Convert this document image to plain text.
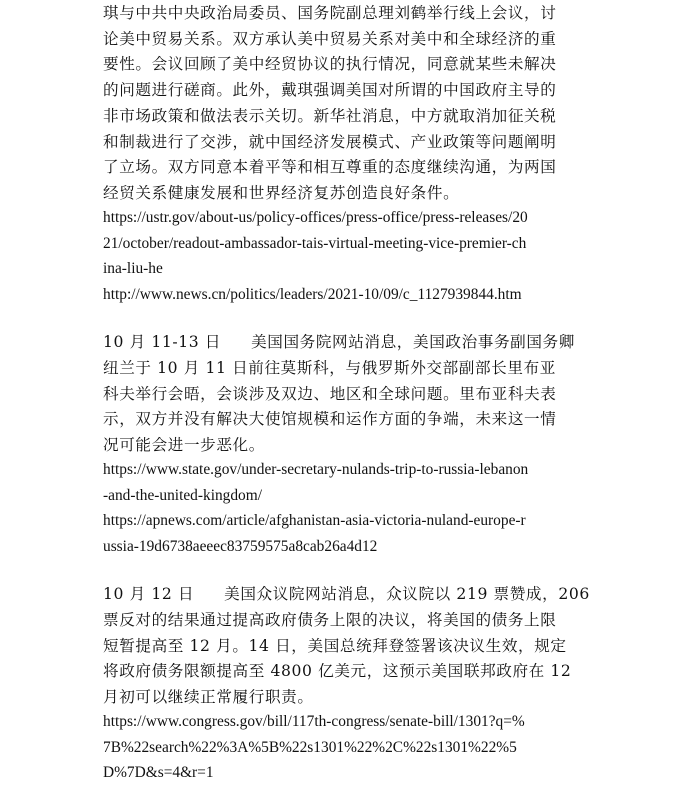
琪与中共中央政治局委员、国务院副总理刘鹤举行线上会议，讨

论美中贸易关系。双方承认美中贸易关系对美中和全球经济的重

要性。会议回顾了美中经贸协议的执行情况，同意就某些未解决

的问题进行磋商。此外，戴琪强调美国对所谓的中国政府主导的

非市场政策和做法表示关切。新华社消息，中方就取消加征关税

和制裁进行了交涉，就中国经济发展模式、产业政策等问题阐明

了立场。双方同意本着平等和相互尊重的态度继续沟通，为两国

经贸关系健康发展和世界经济复苏创造良好条件。

https://ustr.gov/about-us/policy-offices/press-office/press-releases/20

21/october/readout-ambassador-tais-virtual-meeting-vice-premier-ch

ina-liu-he

http://www.news.cn/politics/leaders/2021-10/09/c_1127939844.htm

10 月 11-13 日 美国国务院网站消息，美国政治事务副国务卿

纽兰于 10 月 11 日前往莫斯科，与俄罗斯外交部副部长里布亚

科夫举行会晤，会谈涉及双边、地区和全球问题。里布亚科夫表

示，双方并没有解决大使馆规模和运作方面的争端，未来这一情

况可能会进一步恶化。

https://www.state.gov/under-secretary-nulands-trip-to-russia-lebanon

-and-the-united-kingdom/

https://apnews.com/article/afghanistan-asia-victoria-nuland-europe-r

ussia-19d6738aeeec83759575a8cab26a4d12

10 月 12 日 美国众议院网站消息，众议院以 219 票赞成，206

票反对的结果通过提高政府债务上限的决议，将美国的债务上限

短暂提高至 12 月。14 日，美国总统拜登签署该决议生效，规定

将政府债务限额提高至 4800 亿美元，这预示美国联邦政府在 12

月初可以继续正常履行职责。

https://www.congress.gov/bill/117th-congress/senate-bill/1301?q=%

7B%22search%22%3A%5B%22s1301%22%2C%22s1301%22%5

D%7D&s=4&r=1
